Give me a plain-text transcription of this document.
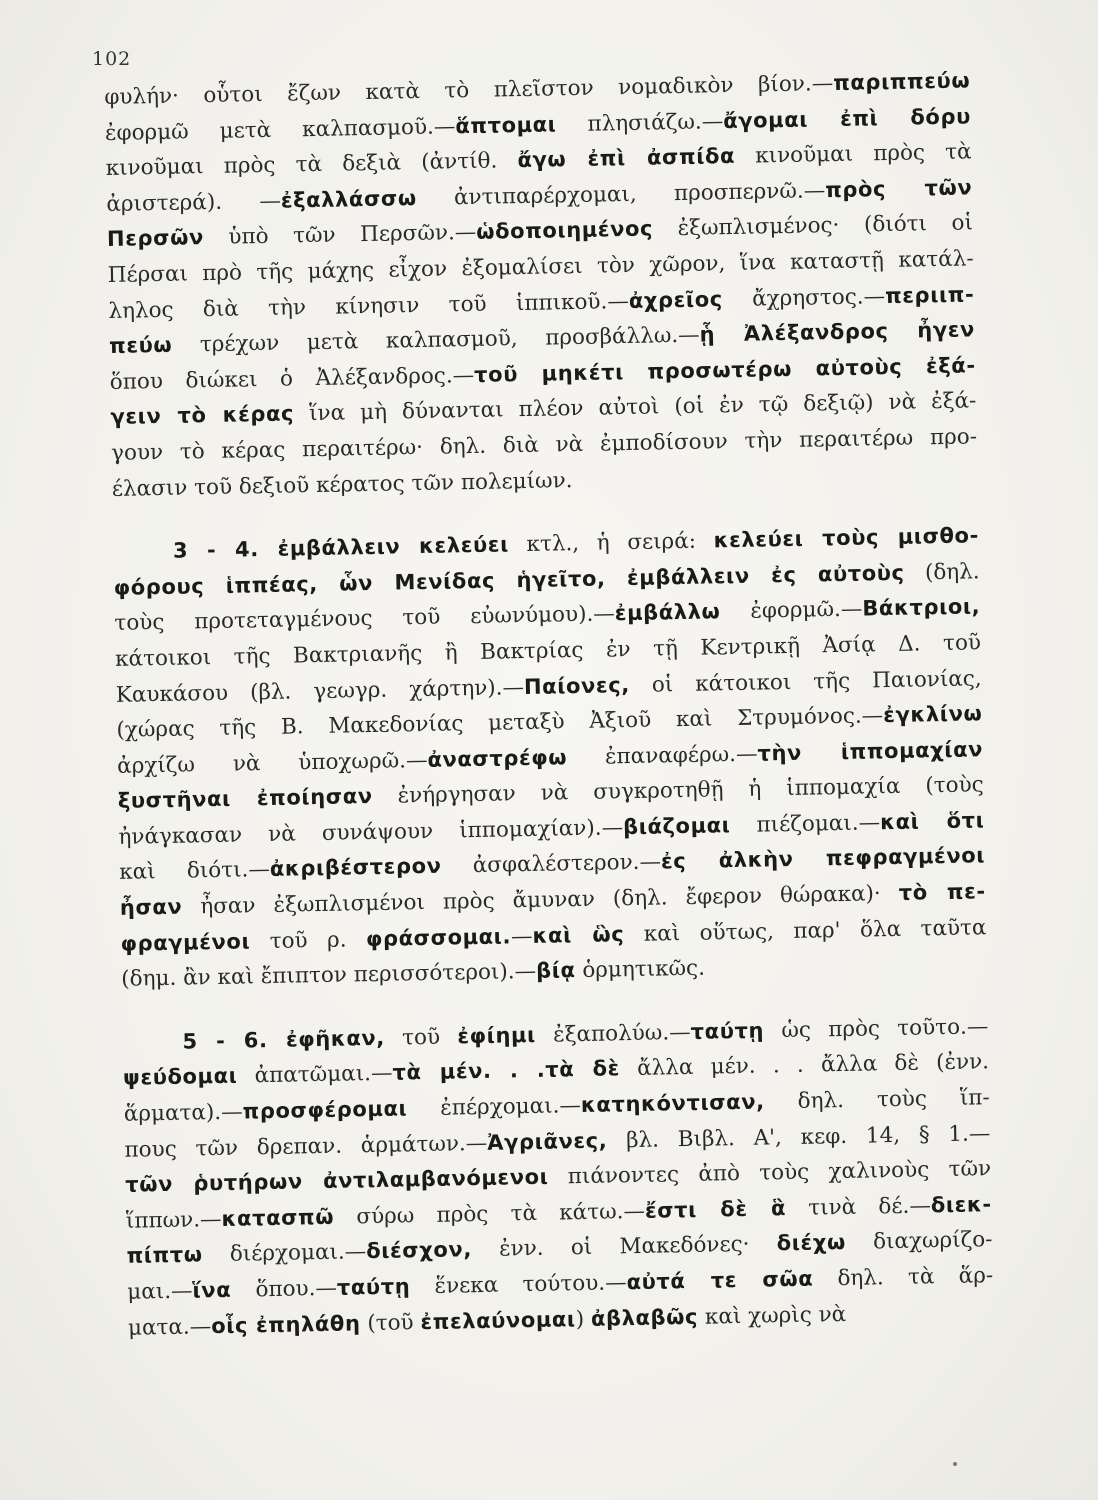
102
φυλήν· οὗτοι ἔζων κατὰ τὸ πλεῖστον νομαδικὸν βίον.—παριππεύω
ἐφορμῶ μετὰ καλπασμοῦ.—ἅπτομαι πλησιάζω.—ἄγομαι ἐπὶ δόρυ
κινοῦμαι πρὸς τὰ δεξιὰ (ἀντίθ. ἄγω ἐπὶ ἀσπίδα κινοῦμαι πρὸς τὰ
ἀριστερά). —ἐξαλλάσσω ἀντιπαρέρχομαι, προσπερνῶ.—πρὸς τῶν
Περσῶν ὑπὸ τῶν Περσῶν.—ὡδοποιημένος ἐξωπλισμένος· (διότι οἱ
Πέρσαι πρὸ τῆς μάχης εἶχον ἐξομαλίσει τὸν χῶρον, ἵνα καταστῇ κατάλ-
ληλος διὰ τὴν κίνησιν τοῦ ἱππικοῦ.—ἀχρεῖος ἄχρηστος.—περιιπ-
πεύω τρέχων μετὰ καλπασμοῦ, προσβάλλω.—ᾗ Ἀλέξανδρος ἦγεν
ὅπου διώκει ὁ Ἀλέξανδρος.—τοῦ μηκέτι προσωτέρω αὐτοὺς ἐξά-
γειν τὸ κέρας ἵνα μὴ δύνανται πλέον αὐτοὶ (οἱ ἐν τῷ δεξιῷ) νὰ ἐξά-
γουν τὸ κέρας περαιτέρω· δηλ. διὰ νὰ ἐμποδίσουν τὴν περαιτέρω προ-
έλασιν τοῦ δεξιοῦ κέρατος τῶν πολεμίων.
3 - 4. ἐμβάλλειν κελεύει κτλ., ἡ σειρά: κελεύει τοὺς μισθο-
φόρους ἱππέας, ὧν Μενίδας ἡγεῖτο, ἐμβάλλειν ἐς αὐτοὺς (δηλ.
τοὺς προτεταγμένους τοῦ εὐωνύμου).—ἐμβάλλω ἐφορμῶ.—Βάκτριοι,
κάτοικοι τῆς Βακτριανῆς ἢ Βακτρίας ἐν τῇ Κεντρικῇ Ἀσίᾳ Δ. τοῦ
Καυκάσου (βλ. γεωγρ. χάρτην).—Παίονες, οἱ κάτοικοι τῆς Παιονίας,
(χώρας τῆς Β. Μακεδονίας μεταξὺ Ἀξιοῦ καὶ Στρυμόνος.—ἐγκλίνω
ἀρχίζω νὰ ὑποχωρῶ.—ἀναστρέφω ἐπαναφέρω.—τὴν ἱππομαχίαν
ξυστῆναι ἐποίησαν ἐνήργησαν νὰ συγκροτηθῇ ἡ ἱππομαχία (τοὺς
ἠνάγκασαν νὰ συνάψουν ἱππομαχίαν).—βιάζομαι πιέζομαι.—καὶ ὅτι
καὶ διότι.—ἀκριβέστερον ἀσφαλέστερον.—ἐς ἀλκὴν πεφραγμένοι
ἦσαν ἦσαν ἐξωπλισμένοι πρὸς ἄμυναν (δηλ. ἔφερον θώρακα)· τὸ πε-
φραγμένοι τοῦ ρ. φράσσομαι.—καὶ ὣς καὶ οὕτως, παρ' ὅλα ταῦτα
(δημ. ἂν καὶ ἔπιπτον περισσότεροι).—βίᾳ ὁρμητικῶς.
5 - 6. ἐφῆκαν, τοῦ ἐφίημι ἐξαπολύω.—ταύτῃ ὡς πρὸς τοῦτο.—
ψεύδομαι ἀπατῶμαι.—τὰ μέν. . .τὰ δὲ ἄλλα μέν. . . ἄλλα δὲ (ἐνν.
ἅρματα).—προσφέρομαι ἐπέρχομαι.—κατηκόντισαν, δηλ. τοὺς ἵπ-
πους τῶν δρεπαν. ἁρμάτων.—Ἀγριᾶνες, βλ. Βιβλ. Α', κεφ. 14, § 1.—
τῶν ῥυτήρων ἀντιλαμβανόμενοι πιάνοντες ἀπὸ τοὺς χαλινοὺς τῶν
ἵππων.—κατασπῶ σύρω πρὸς τὰ κάτω.—ἔστι δὲ ἃ τινὰ δέ.—διεκ-
πίπτω διέρχομαι.—διέσχον, ἐνν. οἱ Μακεδόνες· διέχω διαχωρίζο-
μαι.—ἵνα ὅπου.—ταύτῃ ἕνεκα τούτου.—αὐτά τε σῶα δηλ. τὰ ἅρ-
ματα.—οἷς ἐπηλάθη (τοῦ ἐπελαύνομαι) ἀβλαβῶς καὶ χωρὶς νὰ
